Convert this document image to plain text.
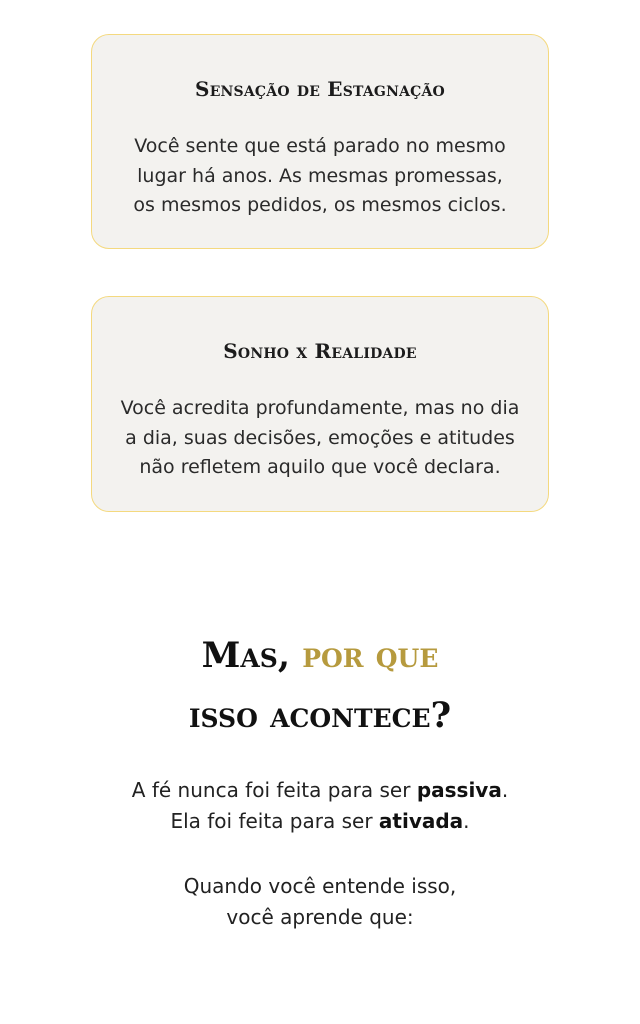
Sensação de Estagnação
Você sente que está parado no mesmo
lugar há anos. As mesmas promessas,
os mesmos pedidos, os mesmos ciclos.
Sonho x Realidade
Você acredita profundamente, mas no dia
a dia, suas decisões, emoções e atitudes
não refletem aquilo que você declara.
Mas, por que
isso acontece?
A fé nunca foi feita para ser passiva.
Ela foi feita para ser ativada.
Quando você entende isso,
você aprende que:
